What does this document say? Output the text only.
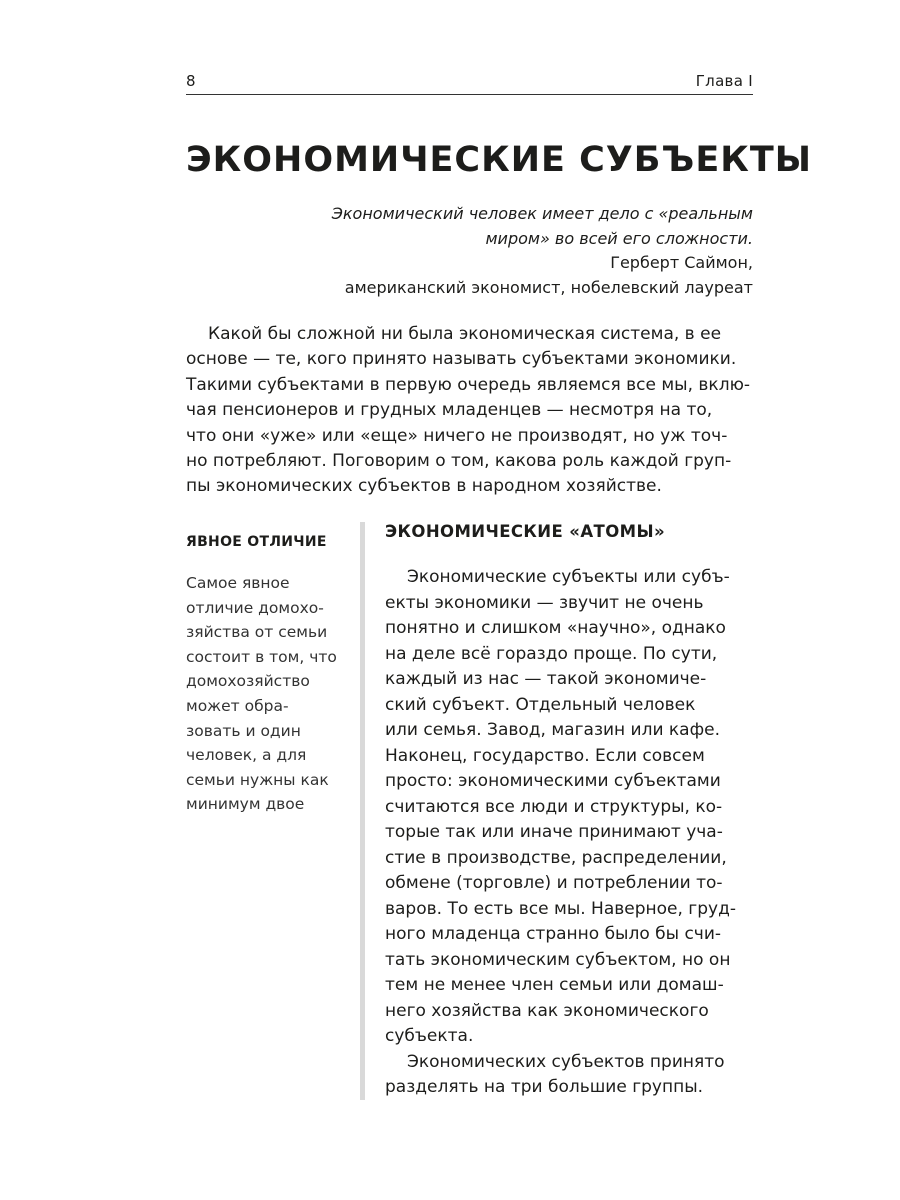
8	Глава I
ЭКОНОМИЧЕСКИЕ СУБЪЕКТЫ
Экономический человек имеет дело с «реальным
миром» во всей его сложности.
Герберт Саймон,
американский экономист, нобелевский лауреат
Какой бы сложной ни была экономическая система, в ее
основе — те, кого принято называть субъектами экономики.
Такими субъектами в первую очередь являемся все мы, вклю-
чая пенсионеров и грудных младенцев — несмотря на то,
что они «уже» или «еще» ничего не производят, но уж точ-
но потребляют. Поговорим о том, какова роль каждой груп-
пы экономических субъектов в народном хозяйстве.
ЯВНОЕ ОТЛИЧИЕ
Самое явное
отличие домохо-
зяйства от семьи
состоит в том, что
домохозяйство
может обра-
зовать и один
человек, а для
семьи нужны как
минимум двое
ЭКОНОМИЧЕСКИЕ «АТОМЫ»
Экономические субъекты или субъ-
екты экономики — звучит не очень
понятно и слишком «научно», однако
на деле всё гораздо проще. По сути,
каждый из нас — такой экономиче-
ский субъект. Отдельный человек
или семья. Завод, магазин или кафе.
Наконец, государство. Если совсем
просто: экономическими субъектами
считаются все люди и структуры, ко-
торые так или иначе принимают уча-
стие в производстве, распределении,
обмене (торговле) и потреблении то-
варов. То есть все мы. Наверное, груд-
ного младенца странно было бы счи-
тать экономическим субъектом, но он
тем не менее член семьи или домаш-
него хозяйства как экономического
субъекта.
Экономических субъектов принято
разделять на три большие группы.
